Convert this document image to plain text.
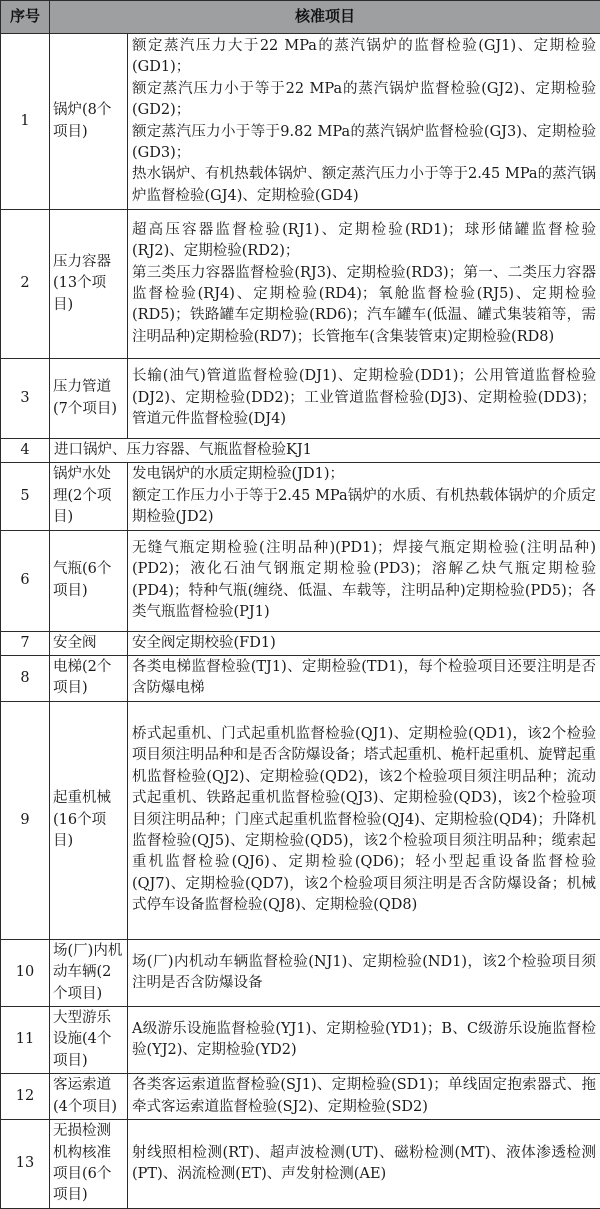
序号	核准项目	
1	锅炉(8个项目)	额定蒸汽压力大于22 MPa的蒸汽锅炉的监督检验(GJ1)、定期检验(GD1)；
额定蒸汽压力小于等于22 MPa的蒸汽锅炉监督检验(GJ2)、定期检验(GD2)；
额定蒸汽压力小于等于9.82 MPa的蒸汽锅炉监督检验(GJ3)、定期检验(GD3)；
热水锅炉、有机热载体锅炉、额定蒸汽压力小于等于2.45 MPa的蒸汽锅炉监督检验(GJ4)、定期检验(GD4)

2	压力容器(13个项目)	超高压容器监督检验(RJ1)、定期检验(RD1)；球形储罐监督检验(RJ2)、定期检验(RD2)；
第三类压力容器监督检验(RJ3)、定期检验(RD3)；第一、二类压力容器监督检验(RJ4)、定期检验(RD4)；氧舱监督检验(RJ5)、定期检验(RD5)；铁路罐车定期检验(RD6)；汽车罐车(低温、罐式集装箱等，需注明品种)定期检验(RD7)；长管拖车(含集装管束)定期检验(RD8)

3	压力管道(7个项目)	长输(油气)管道监督检验(DJ1)、定期检验(DD1)；公用管道监督检验(DJ2)、定期检验(DD2)；工业管道监督检验(DJ3)、定期检验(DD3)；管道元件监督检验(DJ4)

4	进口锅炉、压力容器、气瓶监督检验KJ1	
5	锅炉水处理(2个项目)	发电锅炉的水质定期检验(JD1)；
额定工作压力小于等于2.45 MPa锅炉的水质、有机热载体锅炉的介质定期检验(JD2)

6	气瓶(6个项目)	无缝气瓶定期检验(注明品种)(PD1)；焊接气瓶定期检验(注明品种)(PD2)；液化石油气钢瓶定期检验(PD3)；溶解乙炔气瓶定期检验(PD4)；特种气瓶(缠绕、低温、车载等，注明品种)定期检验(PD5)；各类气瓶监督检验(PJ1)

7	安全阀	安全阀定期校验(FD1)

8	电梯(2个项目)	各类电梯监督检验(TJ1)、定期检验(TD1)，每个检验项目还要注明是否含防爆电梯

9	起重机械(16个项目)	桥式起重机、门式起重机监督检验(QJ1)、定期检验(QD1)，该2个检验项目须注明品种和是否含防爆设备；塔式起重机、桅杆起重机、旋臂起重机监督检验(QJ2)、定期检验(QD2)，该2个检验项目须注明品种；流动式起重机、铁路起重机监督检验(QJ3)、定期检验(QD3)，该2个检验项目须注明品种；门座式起重机监督检验(QJ4)、定期检验(QD4)；升降机监督检验(QJ5)、定期检验(QD5)，该2个检验项目须注明品种；缆索起重机监督检验(QJ6)、定期检验(QD6)；轻小型起重设备监督检验(QJ7)、定期检验(QD7)，该2个检验项目须注明是否含防爆设备；机械式停车设备监督检验(QJ8)、定期检验(QD8)

10	场(厂)内机动车辆(2个项目)	场(厂)内机动车辆监督检验(NJ1)、定期检验(ND1)，该2个检验项目须注明是否含防爆设备

11	大型游乐设施(4个项目)	A级游乐设施监督检验(YJ1)、定期检验(YD1)；B、C级游乐设施监督检验(YJ2)、定期检验(YD2)

12	客运索道(4个项目)	各类客运索道监督检验(SJ1)、定期检验(SD1)；单线固定抱索器式、拖牵式客运索道监督检验(SJ2)、定期检验(SD2)

13	无损检测机构核准项目(6个项目)	射线照相检测(RT)、超声波检测(UT)、磁粉检测(MT)、液体渗透检测(PT)、涡流检测(ET)、声发射检测(AE)
